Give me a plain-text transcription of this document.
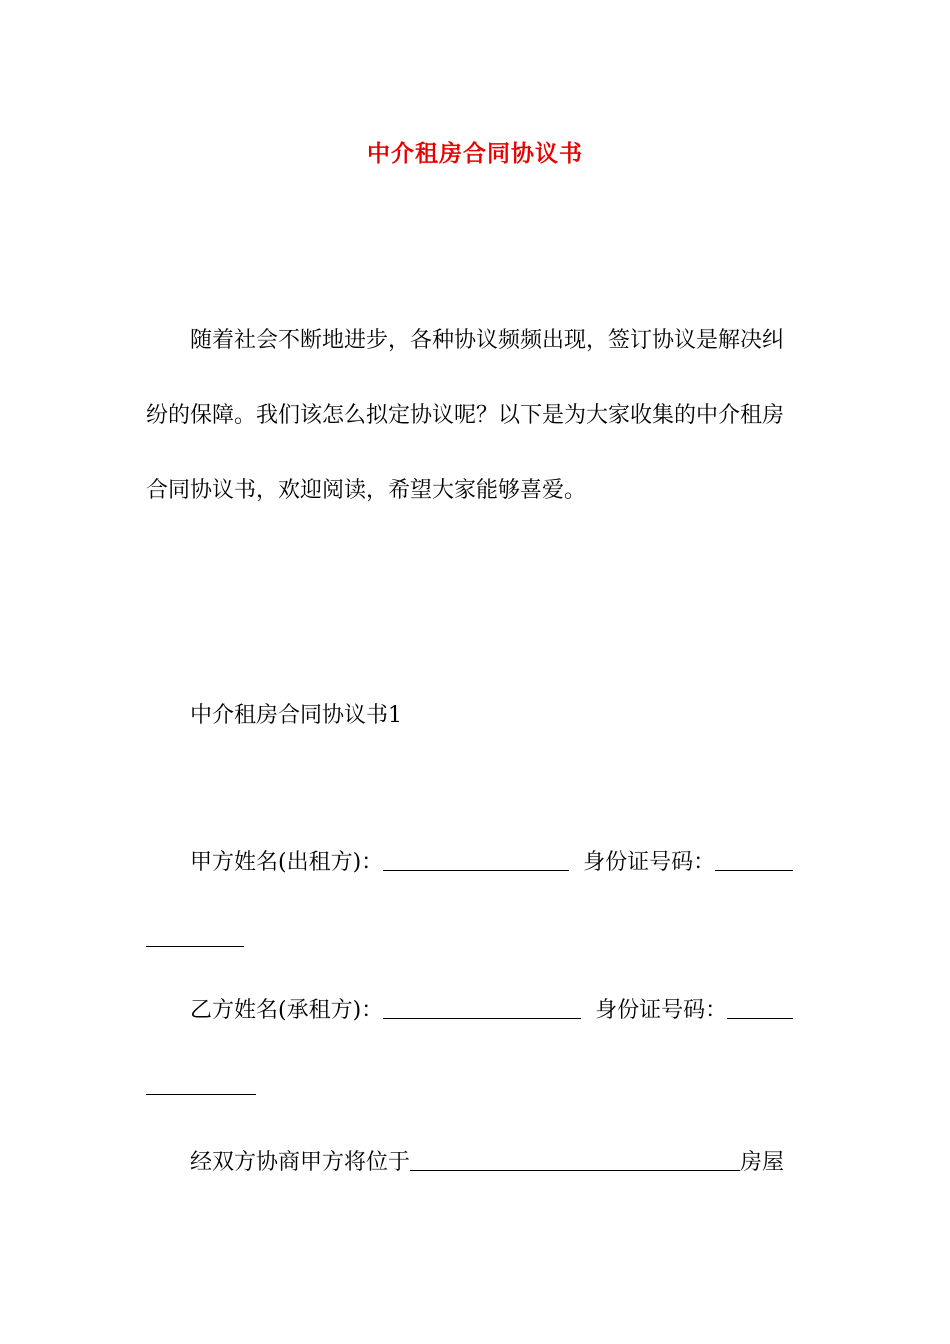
中介租房合同协议书
随着社会不断地进步，各种协议频频出现，签订协议是解决纠
纷的保障。我们该怎么拟定协议呢？以下是为大家收集的中介租房
合同协议书，欢迎阅读，希望大家能够喜爱。
中介租房合同协议书1
甲方姓名(出租方)：	身份证号码：
乙方姓名(承租方)：	身份证号码：
经双方协商甲方将位于	房屋
